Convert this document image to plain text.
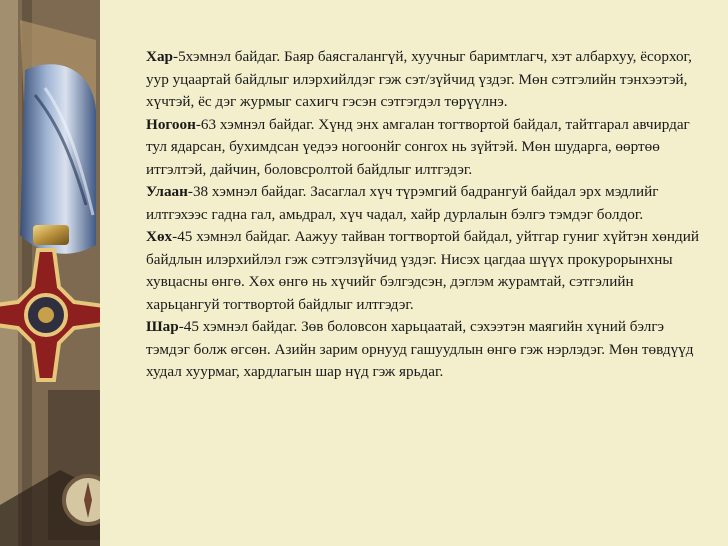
Хар-5хэмнэл байдаг. Баяр баясгалангүй, хуучныг баримтлагч, хэт албархуу, ёсорхог, уур уцаартай байдлыг илэрхийлдэг гэж сэт/зүйчид үздэг. Мөн сэтгэлийн тэнхээтэй, хүчтэй, ёс дэг журмыг сахигч гэсэн сэтгэгдэл төрүүлнэ.

Ногоон-63 хэмнэл байдаг. Хүнд энх амгалан тогтвортой байдал, тайтгарал авчирдаг тул ядарсан, бухимдсан үедээ ногоонйг сонгох нь зүйтэй. Мөн шударга, өөртөө итгэлтэй, дайчин, боловсролтой байдлыг илтгэдэг.

Улаан-38 хэмнэл байдаг. Засаглал хүч түрэмгий бадрангуй байдал эрх мэдлийг илтгэхээс гадна гал, амьдрал, хүч чадал, хайр дурлалын бэлгэ тэмдэг болдог.

Хөх-45 хэмнэл байдаг. Аажуу тайван тогтвортой байдал, уйтгар гуниг хүйтэн хөндий байдлын илэрхийлэл гэж сэтгэлзүйчид үздэг. Нисэх цагдаа шүүх прокурорынхны хувцасны өнгө. Хөх өнгө нь хүчийг бэлгэдсэн, дэглэм журамтай, сэтгэлийн харьцангуй тогтвортой байдлыг илтгэдэг.

Шар-45 хэмнэл байдаг. Зөв боловсон харьцаатай, сэхээтэн маягийн хүний бэлгэ тэмдэг болж өгсөн. Азийн зарим орнууд гашуудлын өнгө гэж нэрлэдэг. Мөн төвдүүд худал хуурмаг, хардлагын шар нүд гэж ярьдаг.
